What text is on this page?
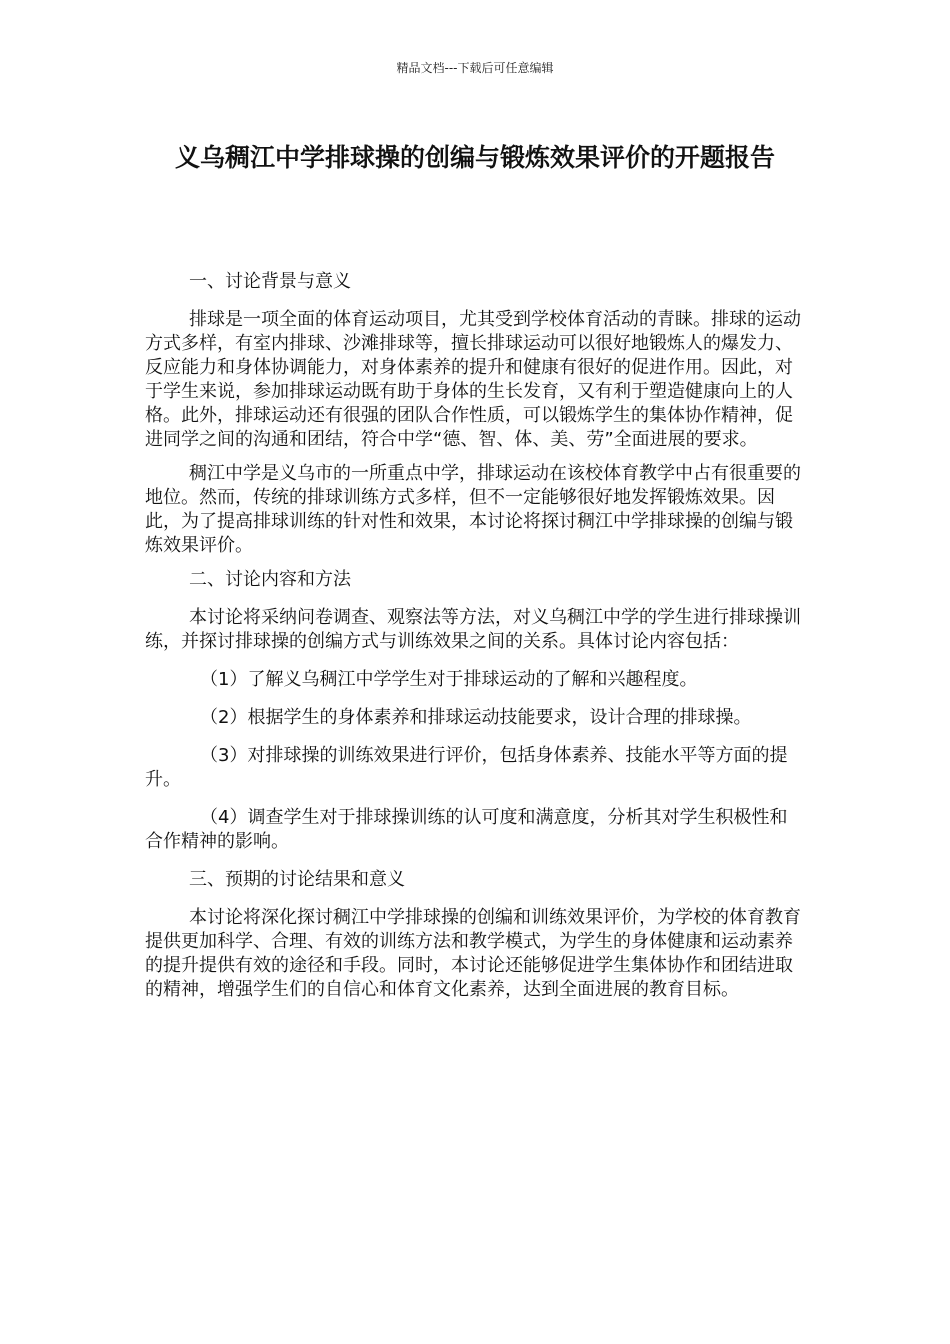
精品文档---下载后可任意编辑
义乌稠江中学排球操的创编与锻炼效果评价的开题报告

一、讨论背景与意义

排球是一项全面的体育运动项目，尤其受到学校体育活动的青睐。排球的运动方式多样，有室内排球、沙滩排球等，擅长排球运动可以很好地锻炼人的爆发力、反应能力和身体协调能力，对身体素养的提升和健康有很好的促进作用。因此，对于学生来说，参加排球运动既有助于身体的生长发育，又有利于塑造健康向上的人格。此外，排球运动还有很强的团队合作性质，可以锻炼学生的集体协作精神，促进同学之间的沟通和团结，符合中学“德、智、体、美、劳”全面进展的要求。

稠江中学是义乌市的一所重点中学，排球运动在该校体育教学中占有很重要的地位。然而，传统的排球训练方式多样，但不一定能够很好地发挥锻炼效果。因此，为了提高排球训练的针对性和效果，本讨论将探讨稠江中学排球操的创编与锻炼效果评价。

二、讨论内容和方法

本讨论将采纳问卷调查、观察法等方法，对义乌稠江中学的学生进行排球操训练，并探讨排球操的创编方式与训练效果之间的关系。具体讨论内容包括：

（1）了解义乌稠江中学学生对于排球运动的了解和兴趣程度。

（2）根据学生的身体素养和排球运动技能要求，设计合理的排球操。

（3）对排球操的训练效果进行评价，包括身体素养、技能水平等方面的提升。

（4）调查学生对于排球操训练的认可度和满意度，分析其对学生积极性和合作精神的影响。

三、预期的讨论结果和意义

本讨论将深化探讨稠江中学排球操的创编和训练效果评价，为学校的体育教育提供更加科学、合理、有效的训练方法和教学模式，为学生的身体健康和运动素养的提升提供有效的途径和手段。同时，本讨论还能够促进学生集体协作和团结进取的精神，增强学生们的自信心和体育文化素养，达到全面进展的教育目标。
